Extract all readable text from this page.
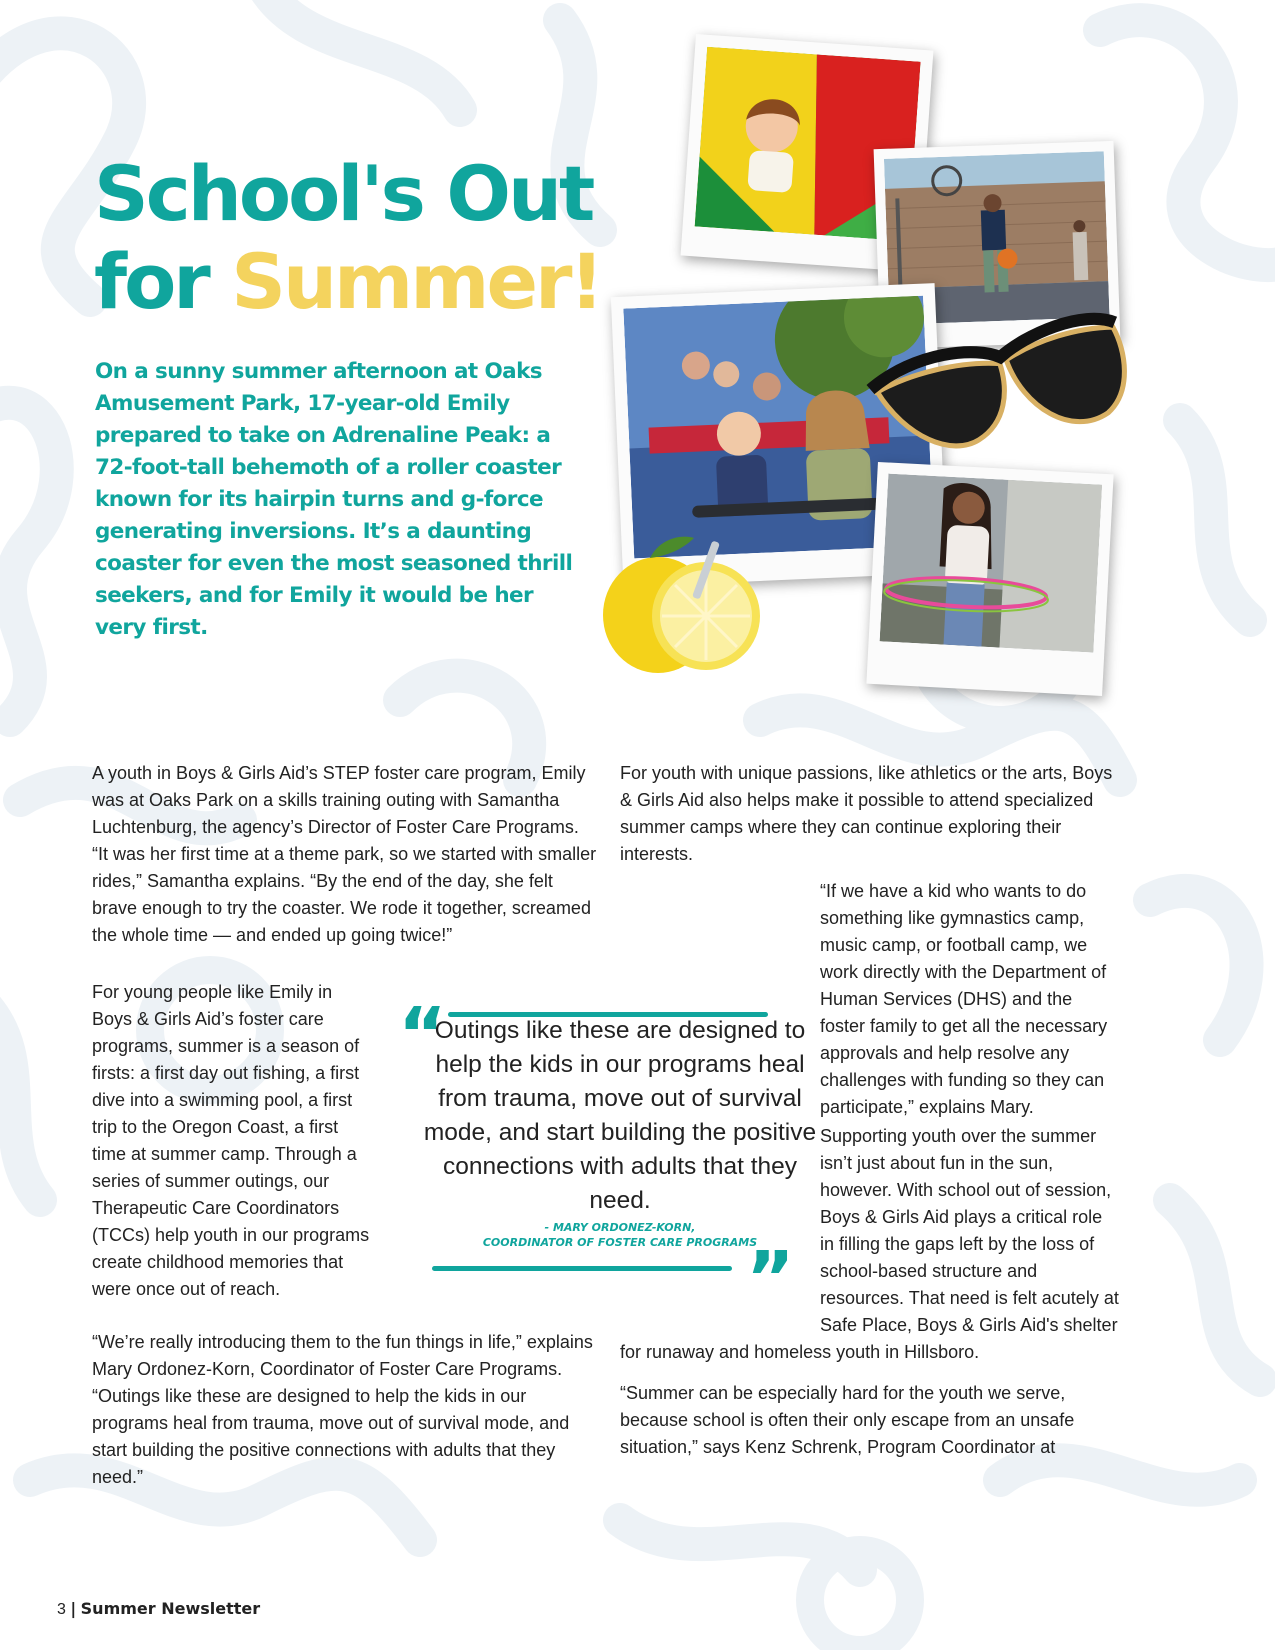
School's Out
for Summer!

On a sunny summer afternoon at Oaks Amusement Park, 17-year-old Emily prepared to take on Adrenaline Peak: a 72-foot-tall behemoth of a roller coaster known for its hairpin turns and g-force generating inversions. It’s a daunting coaster for even the most seasoned thrill seekers, and for Emily it would be her very first.

A youth in Boys & Girls Aid’s STEP foster care program, Emily was at Oaks Park on a skills training outing with Samantha Luchtenburg, the agency’s Director of Foster Care Programs. “It was her first time at a theme park, so we started with smaller rides,” Samantha explains. “By the end of the day, she felt brave enough to try the coaster. We rode it together, screamed the whole time — and ended up going twice!”

For young people like Emily in Boys & Girls Aid’s foster care programs, summer is a season of firsts: a first day out fishing, a first dive into a swimming pool, a first trip to the Oregon Coast, a first time at summer camp. Through a series of summer outings, our Therapeutic Care Coordinators (TCCs) help youth in our programs create childhood memories that were once out of reach.

“We’re really introducing them to the fun things in life,” explains Mary Ordonez-Korn, Coordinator of Foster Care Programs. “Outings like these are designed to help the kids in our programs heal from trauma, move out of survival mode, and start building the positive connections with adults that they need.”

For youth with unique passions, like athletics or the arts, Boys & Girls Aid also helps make it possible to attend specialized summer camps where they can continue exploring their interests.

“If we have a kid who wants to do something like gymnastics camp, music camp, or football camp, we work directly with the Department of Human Services (DHS) and the foster family to get all the necessary approvals and help resolve any challenges with funding so they can participate,” explains Mary.

Supporting youth over the summer isn’t just about fun in the sun, however. With school out of session, Boys & Girls Aid plays a critical role in filling the gaps left by the loss of school-based structure and resources. That need is felt acutely at Safe Place, Boys & Girls Aid's shelter for runaway and homeless youth in Hillsboro.

“Summer can be especially hard for the youth we serve, because school is often their only escape from an unsafe situation,” says Kenz Schrenk, Program Coordinator at

“

Outings like these are designed to help the kids in our programs heal from trauma, move out of survival mode, and start building the positive connections with adults that they need.

- MARY ORDONEZ-KORN,
COORDINATOR OF FOSTER CARE PROGRAMS
”
3 | Summer Newsletter
